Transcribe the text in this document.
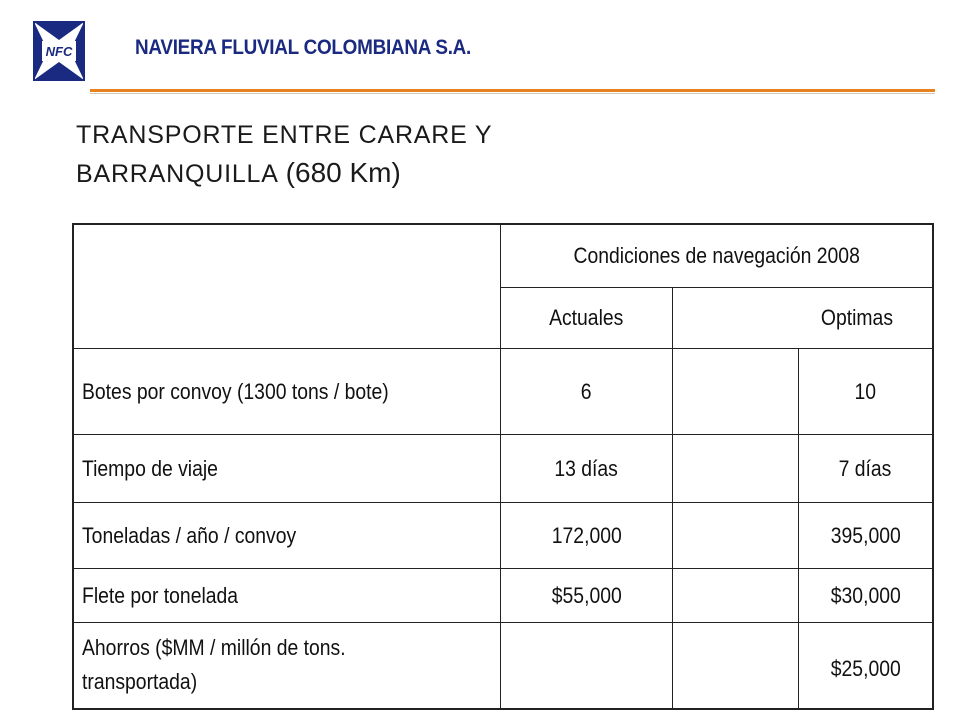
NFC	NAVIERA FLUVIAL COLOMBIANA S.A.
TRANSPORTE ENTRE CARARE Y
BARRANQUILLA (680 Km)
	Condiciones de navegación 2008		
	Actuales	Optimas	
Botes por convoy (1300 tons / bote)	6		10
Tiempo de viaje	13 días		7 días
Toneladas / año / convoy	172,000		395,000
Flete por tonelada	$55,000		$30,000
Ahorros ($MM / millón de tons. transportada)			$25,000
